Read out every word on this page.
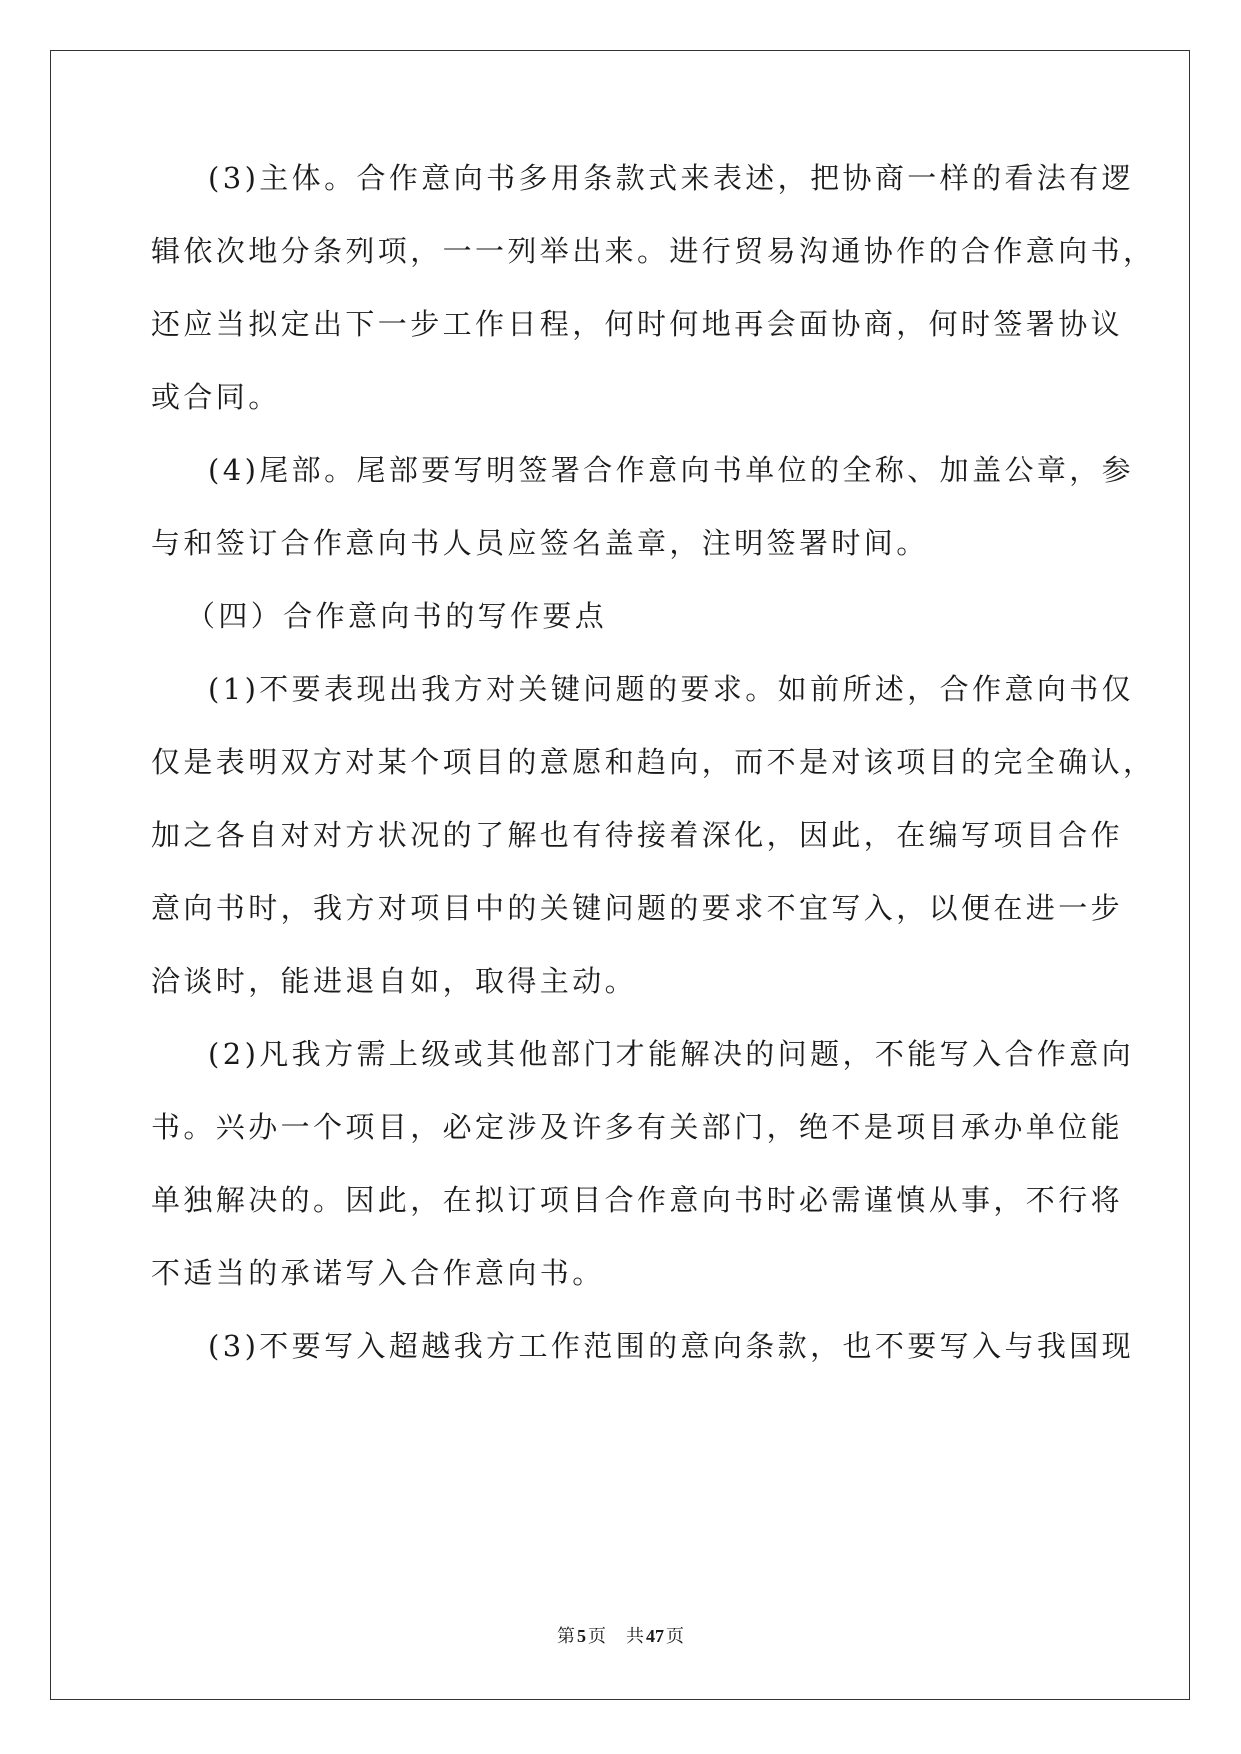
(3)主体。合作意向书多用条款式来表述，把协商一样的看法有逻
辑依次地分条列项，一一列举出来。进行贸易沟通协作的合作意向书，
还应当拟定出下一步工作日程，何时何地再会面协商，何时签署协议
或合同。
(4)尾部。尾部要写明签署合作意向书单位的全称、加盖公章，参
与和签订合作意向书人员应签名盖章，注明签署时间。
（四）合作意向书的写作要点
(1)不要表现出我方对关键问题的要求。如前所述，合作意向书仅
仅是表明双方对某个项目的意愿和趋向，而不是对该项目的完全确认，
加之各自对对方状况的了解也有待接着深化，因此，在编写项目合作
意向书时，我方对项目中的关键问题的要求不宜写入，以便在进一步
洽谈时，能进退自如，取得主动。
(2)凡我方需上级或其他部门才能解决的问题，不能写入合作意向
书。兴办一个项目，必定涉及许多有关部门，绝不是项目承办单位能
单独解决的。因此，在拟订项目合作意向书时必需谨慎从事，不行将
不适当的承诺写入合作意向书。
(3)不要写入超越我方工作范围的意向条款，也不要写入与我国现
第 5 页 共 47 页
